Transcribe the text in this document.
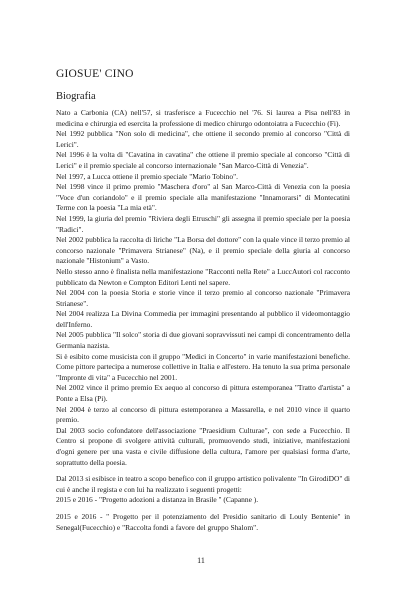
GIOSUE' CINO
Biografia

Nato a Carbonia (CA) nell'57, si trasferisce a Fucecchio nel '76. Si laurea a Pisa nell'83 in medicina e chirurgia ed esercita la professione di medico chirurgo odontoiatra a Fucecchio (Fi).

Nel 1992 pubblica "Non solo di medicina", che ottiene il secondo premio al concorso "Città di Lerici".

Nel 1996 è la volta di "Cavatina in cavatina" che ottiene il premio speciale al concorso "Città di Lerici" e il premio speciale al concorso internazionale "San Marco-Città di Venezia".

Nel 1997, a Lucca ottiene il premio speciale "Mario Tobino".

Nel 1998 vince il primo premio "Maschera d'oro" al San Marco-Città di Venezia con la poesia "Voce d'un coriandolo" e il premio speciale alla manifestazione "Innamorarsi" di Montecatini Terme con la poesia "La mia età".

Nel 1999, la giuria del premio "Riviera degli Etruschi" gli assegna il premio speciale per la poesia "Radici".

Nel 2002 pubblica la raccolta di liriche "La Borsa del dottore" con la quale vince il terzo premio al concorso nazionale "Primavera Strianese" (Na), e il premio speciale della giuria al concorso nazionale "Histonium" a Vasto.

Nello stesso anno è finalista nella manifestazione "Racconti nella Rete" a LuccAutori col racconto pubblicato da Newton e Compton Editori Lenti nel sapere.

Nel 2004 con la poesia Storia e storie vince il terzo premio al concorso nazionale "Primavera Strianese".

Nel 2004 realizza La Divina Commedia per immagini presentando al pubblico il videomontaggio dell'Inferno.

Nel 2005 pubblica "Il solco" storia di due giovani sopravvissuti nei campi di concentramento della Germania nazista.

Si è esibito come musicista con il gruppo "Medici in Concerto" in varie manifestazioni benefiche. Come pittore partecipa a numerose collettive in Italia e all'estero. Ha tenuto la sua prima personale "Impronte di vita" a Fucecchio nel 2001.

Nel 2002 vince il primo premio Ex aequo al concorso di pittura estemporanea "Tratto d'artista" a Ponte a Elsa (Pi).

Nel 2004 è terzo al concorso di pittura estemporanea a Massarella, e nel 2010 vince il quarto premio.

Dal 2003 socio cofondatore dell'associazione "Praesidium Culturae", con sede a Fucecchio. Il Centro si propone di svolgere attività culturali, promuovendo studi, iniziative, manifestazioni d'ogni genere per una vasta e civile diffusione della cultura, l'amore per qualsiasi forma d'arte, soprattutto della poesia.

Dal 2013 si esibisce in teatro a scopo benefico con il gruppo artistico polivalente "In GirodiDO" di cui è anche il regista e con lui ha realizzato i seguenti progetti:

2015 e 2016 - "Progetto adozioni a distanza in Brasile " (Capanne ).

2015 e 2016 - " Progetto per il potenziamento del Presidio sanitario di Louly Bentenie" in Senegal(Fucecchio) e "Raccolta fondi a favore del gruppo Shalom".

11
